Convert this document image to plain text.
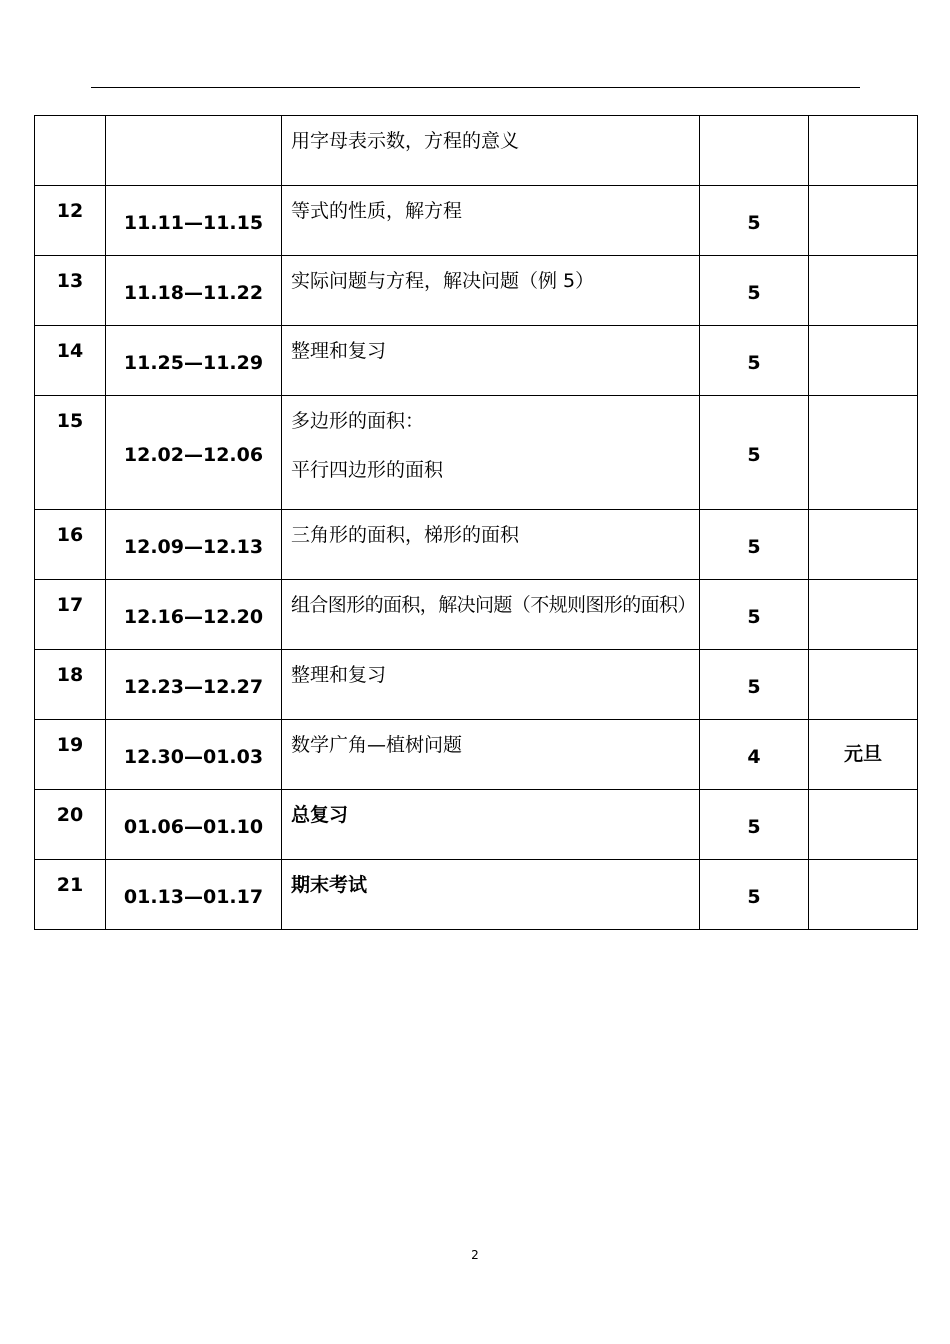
		用字母表示数，方程的意义		

12	11.11—11.15	等式的性质，解方程	5	
13	11.18—11.22	实际问题与方程，解决问题（例 5）	5	
14	11.25—11.29	整理和复习	5	
15	12.02—12.06	多边形的面积：
平行四边形的面积	5	
16	12.09—12.13	三角形的面积，梯形的面积	5	
17	12.16—12.20	组合图形的面积，解决问题（不规则图形的面积）	5	
18	12.23—12.27	整理和复习	5	
19	12.30—01.03	数学广角—植树问题	4	元旦
20	01.06—01.10	总复习	5	
21	01.13—01.17	期末考试	5	
2
